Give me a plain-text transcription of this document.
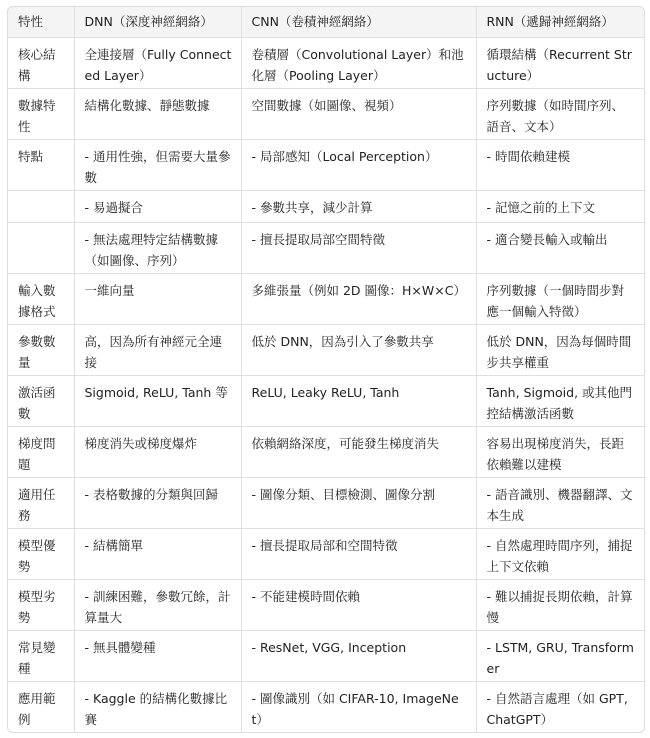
特性	DNN（深度神經網絡）	CNN（卷積神經網絡）	RNN（遞歸神經網絡）
核心結構	全連接層（Fully Connected Layer）	卷積層（Convolutional Layer）和池化層（Pooling Layer）	循環結構（Recurrent Structure）
數據特性	結構化數據、靜態數據	空間數據（如圖像、視頻）	序列數據（如時間序列、語音、文本）
特點	- 通用性強，但需要大量參數	- 局部感知（Local Perception）	- 時間依賴建模
	- 易過擬合	- 參數共享，減少計算	- 記憶之前的上下文
	- 無法處理特定結構數據（如圖像、序列）	- 擅長提取局部空間特徵	- 適合變長輸入或輸出
輸入數據格式	一維向量	多維張量（例如 2D 圖像：H×W×C）	序列數據（一個時間步對應一個輸入特徵）
參數數量	高，因為所有神經元全連接	低於 DNN，因為引入了參數共享	低於 DNN，因為每個時間步共享權重
激活函數	Sigmoid, ReLU, Tanh 等	ReLU, Leaky ReLU, Tanh	Tanh, Sigmoid, 或其他門控結構激活函數
梯度問題	梯度消失或梯度爆炸	依賴網絡深度，可能發生梯度消失	容易出現梯度消失，長距依賴難以建模
適用任務	- 表格數據的分類與回歸	- 圖像分類、目標檢測、圖像分割	- 語音識別、機器翻譯、文本生成
模型優勢	- 結構簡單	- 擅長提取局部和空間特徵	- 自然處理時間序列，捕捉上下文依賴
模型劣勢	- 訓練困難，參數冗餘，計算量大	- 不能建模時間依賴	- 難以捕捉長期依賴，計算慢
常見變種	- 無具體變種	- ResNet, VGG, Inception	- LSTM, GRU, Transformer
應用範例	- Kaggle 的結構化數據比賽	- 圖像識別（如 CIFAR-10, ImageNet）	- 自然語言處理（如 GPT, ChatGPT）
